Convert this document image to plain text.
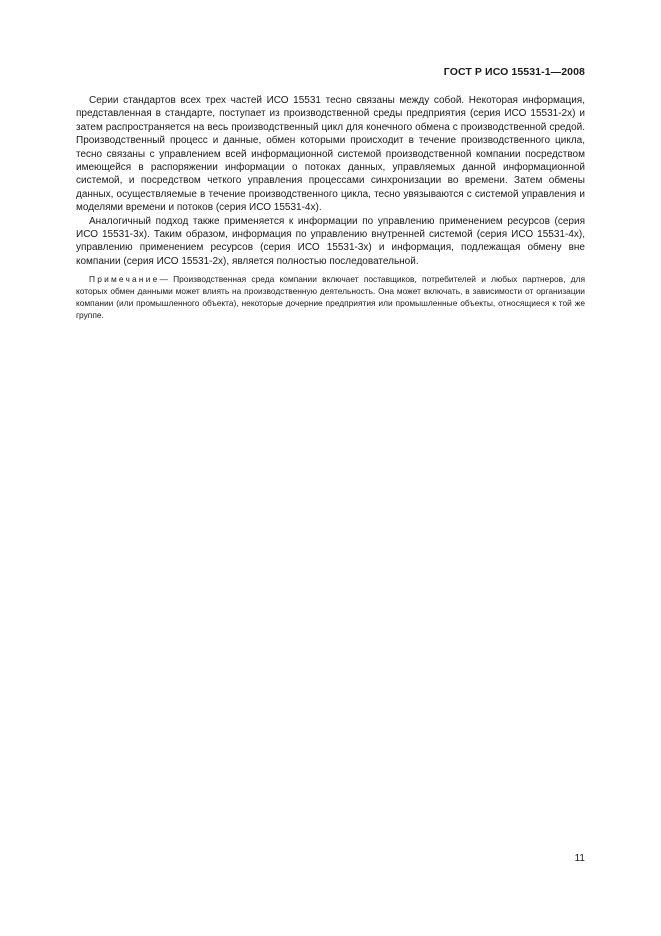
ГОСТ Р ИСО 15531-1—2008

Серии стандартов всех трех частей ИСО 15531 тесно связаны между собой. Некоторая информация, представленная в стандарте, поступает из производственной среды предприятия (серия ИСО 15531-2х) и затем распространяется на весь производственный цикл для конечного обмена с производственной средой. Производственный процесс и данные, обмен которыми происходит в течение производственного цикла, тесно связаны с управлением всей информационной системой производственной компании посредством имеющейся в распоряжении информации о потоках данных, управляемых данной информационной системой, и посредством четкого управления процессами синхронизации во времени. Затем обмены данных, осуществляемые в течение производственного цикла, тесно увязываются с системой управления и моделями времени и потоков (серия ИСО 15531-4х).

Аналогичный подход также применяется к информации по управлению применением ресурсов (серия ИСО 15531-3х). Таким образом, информация по управлению внутренней системой (серия ИСО 15531-4х), управлению применением ресурсов (серия ИСО 15531-3х) и информация, подлежащая обмену вне компании (серия ИСО 15531-2х), является полностью последовательной.

Примечание— Производственная среда компании включает поставщиков, потребителей и любых партнеров, для которых обмен данными может влиять на производственную деятельность. Она может включать, в зависимости от организации компании (или промышленного объекта), некоторые дочерние предприятия или промышленные объекты, относящиеся к той же группе.

11
